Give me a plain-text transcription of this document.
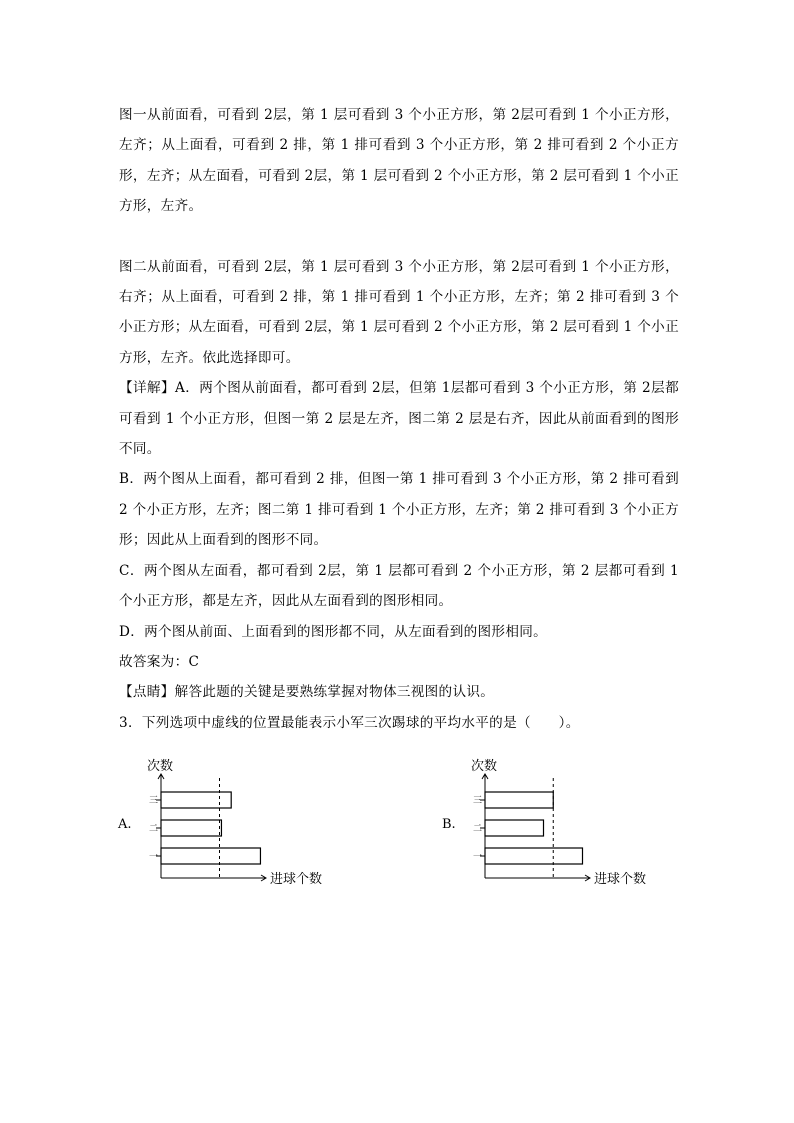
图一从前面看，可看到 2层，第 1 层可看到 3 个小正方形，第 2层可看到 1 个小正方形，左齐；从上面看，可看到 2 排，第 1 排可看到 3 个小正方形，第 2 排可看到 2 个小正方形，左齐；从左面看，可看到 2层，第 1 层可看到 2 个小正方形，第 2 层可看到 1 个小正方形，左齐。

图二从前面看，可看到 2层，第 1 层可看到 3 个小正方形，第 2层可看到 1 个小正方形，右齐；从上面看，可看到 2 排，第 1 排可看到 1 个小正方形，左齐；第 2 排可看到 3 个小正方形；从左面看，可看到 2层，第 1 层可看到 2 个小正方形，第 2 层可看到 1 个小正方形，左齐。依此选择即可。

【详解】A．两个图从前面看，都可看到 2层，但第 1层都可看到 3 个小正方形，第 2层都可看到 1 个小正方形，但图一第 2 层是左齐，图二第 2 层是右齐，因此从前面看到的图形不同。

B．两个图从上面看，都可看到 2 排，但图一第 1 排可看到 3 个小正方形，第 2 排可看到 2 个小正方形，左齐；图二第 1 排可看到 1 个小正方形，左齐；第 2 排可看到 3 个小正方形；因此从上面看到的图形不同。

C．两个图从左面看，都可看到 2层，第 1 层都可看到 2 个小正方形，第 2 层都可看到 1 个小正方形，都是左齐，因此从左面看到的图形相同。

D．两个图从前面、上面看到的图形都不同，从左面看到的图形相同。

故答案为：C

【点睛】解答此题的关键是要熟练掌握对物体三视图的认识。

3．下列选项中虚线的位置最能表示小军三次踢球的平均水平的是（　　）。

A.
次数
进球个数
三
二
一
B.
次数
进球个数
三
二
一
